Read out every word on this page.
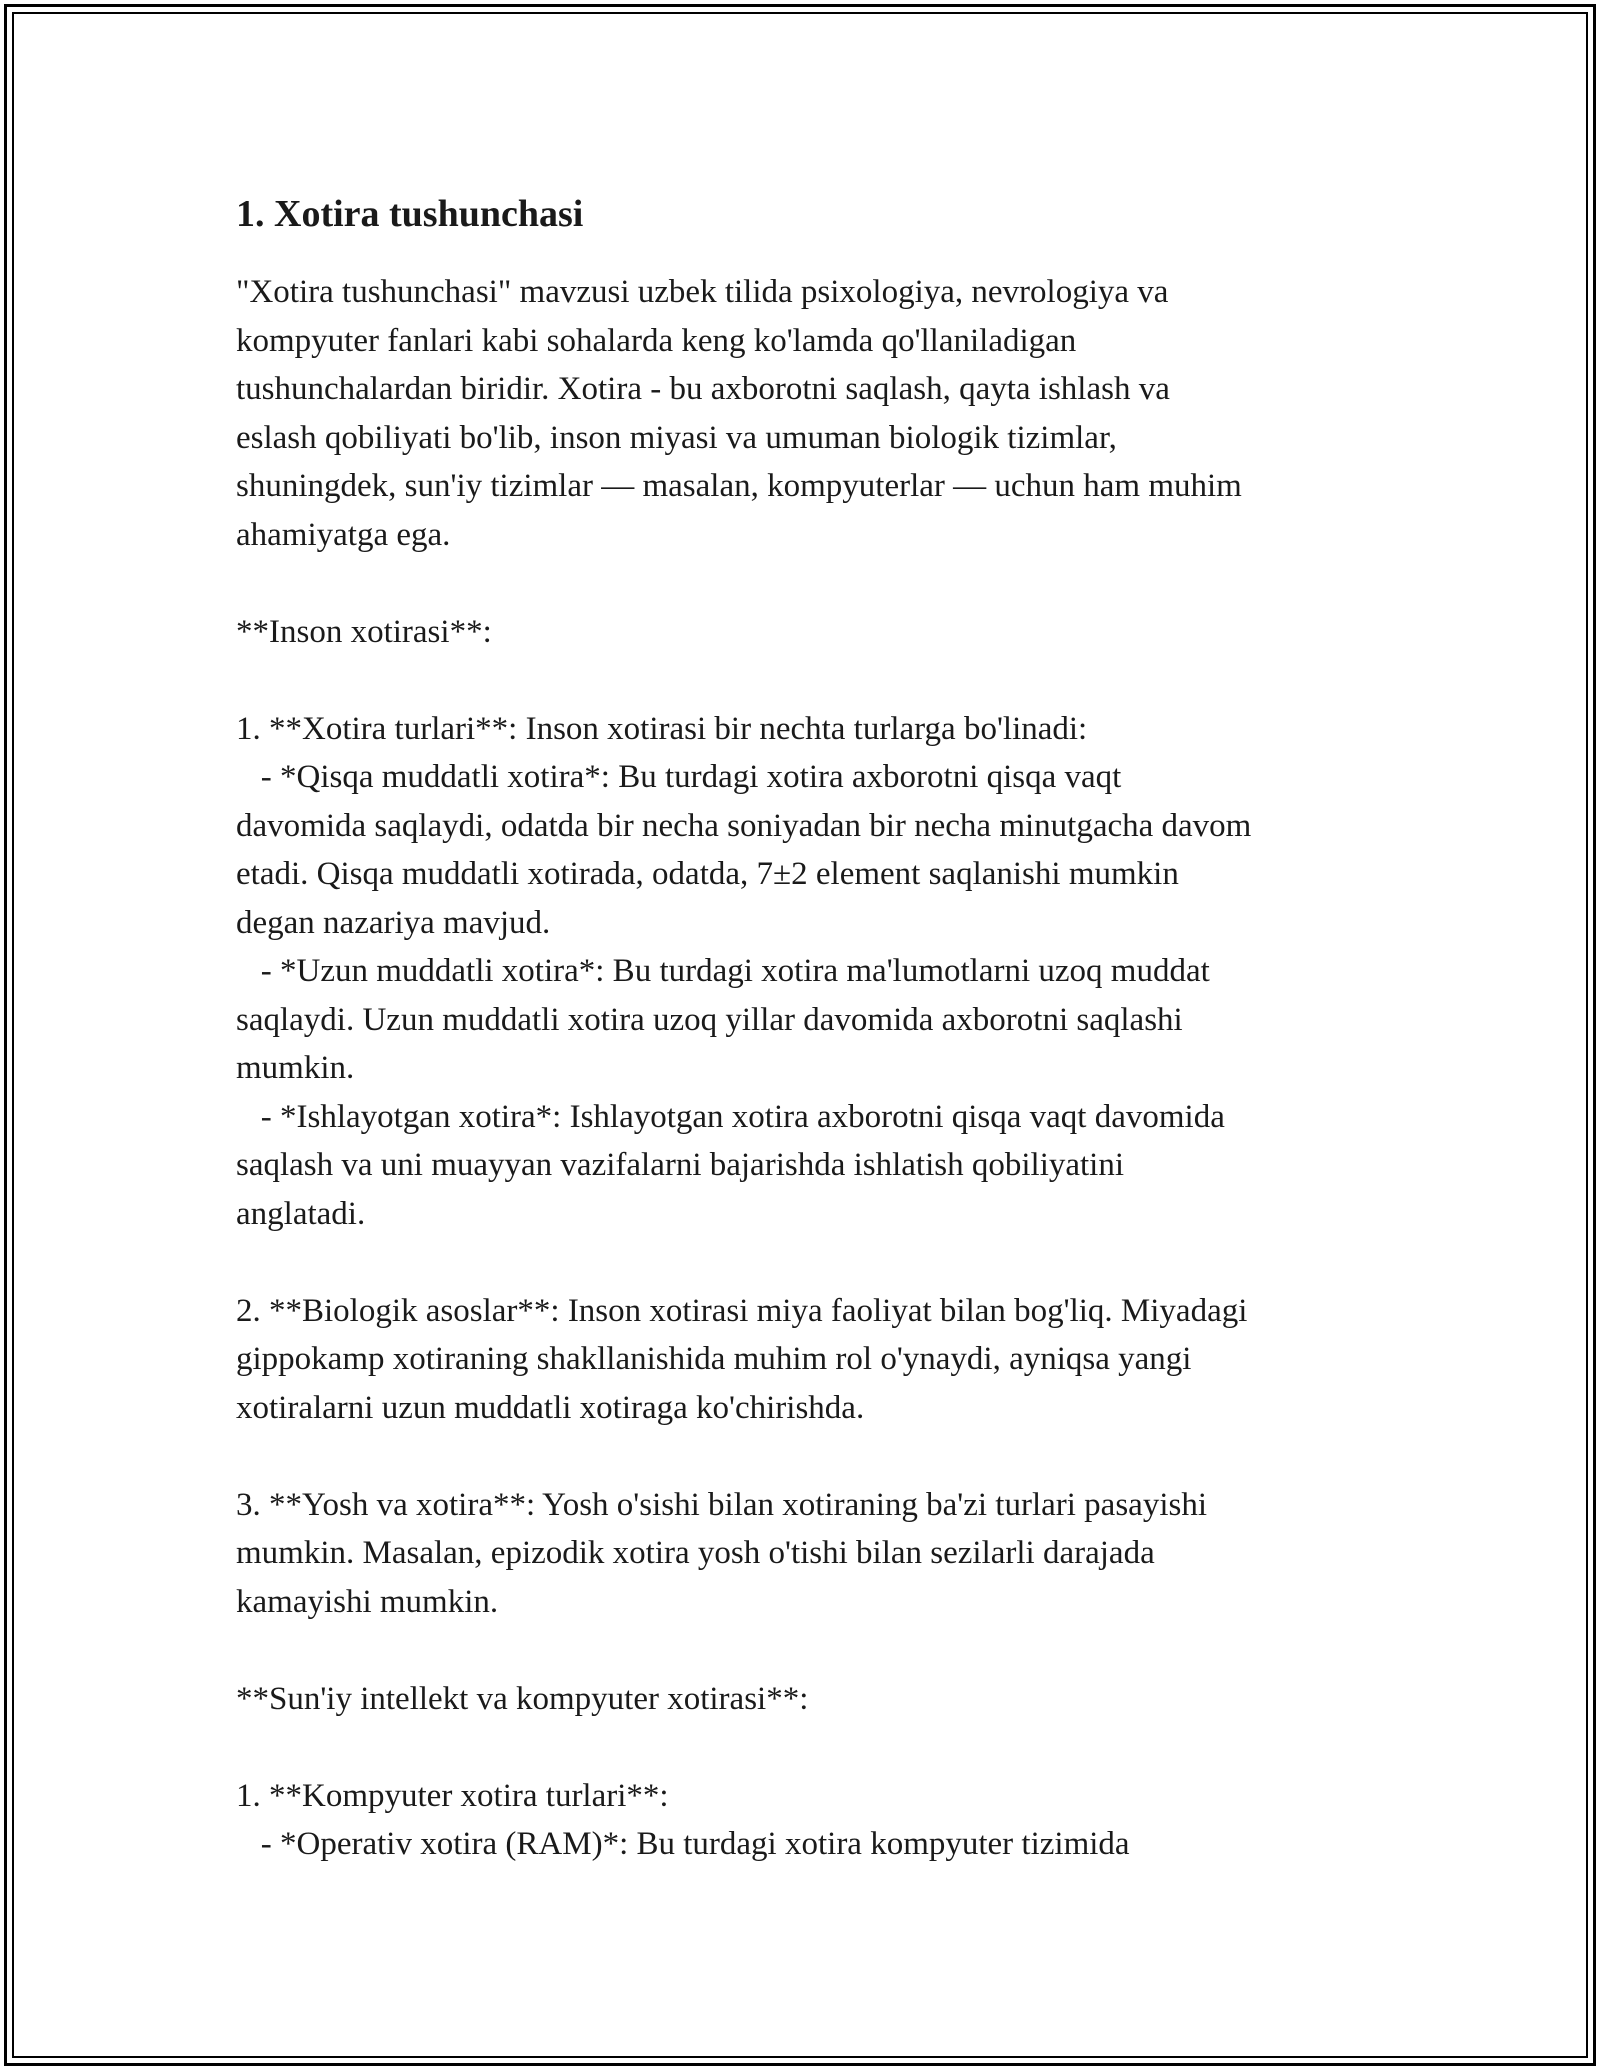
1. Xotira tushunchasi

"Xotira tushunchasi" mavzusi uzbek tilida psixologiya, nevrologiya va
kompyuter fanlari kabi sohalarda keng ko'lamda qo'llaniladigan
tushunchalardan biridir. Xotira - bu axborotni saqlash, qayta ishlash va
eslash qobiliyati bo'lib, inson miyasi va umuman biologik tizimlar,
shuningdek, sun'iy tizimlar — masalan, kompyuterlar — uchun ham muhim
ahamiyatga ega.

**Inson xotirasi**:

1. **Xotira turlari**: Inson xotirasi bir nechta turlarga bo'linadi:
- *Qisqa muddatli xotira*: Bu turdagi xotira axborotni qisqa vaqt
davomida saqlaydi, odatda bir necha soniyadan bir necha minutgacha davom
etadi. Qisqa muddatli xotirada, odatda, 7±2 element saqlanishi mumkin
degan nazariya mavjud.
- *Uzun muddatli xotira*: Bu turdagi xotira ma'lumotlarni uzoq muddat
saqlaydi. Uzun muddatli xotira uzoq yillar davomida axborotni saqlashi
mumkin.
- *Ishlayotgan xotira*: Ishlayotgan xotira axborotni qisqa vaqt davomida
saqlash va uni muayyan vazifalarni bajarishda ishlatish qobiliyatini
anglatadi.

2. **Biologik asoslar**: Inson xotirasi miya faoliyat bilan bog'liq. Miyadagi
gippokamp xotiraning shakllanishida muhim rol o'ynaydi, ayniqsa yangi
xotiralarni uzun muddatli xotiraga ko'chirishda.

3. **Yosh va xotira**: Yosh o'sishi bilan xotiraning ba'zi turlari pasayishi
mumkin. Masalan, epizodik xotira yosh o'tishi bilan sezilarli darajada
kamayishi mumkin.

**Sun'iy intellekt va kompyuter xotirasi**:

1. **Kompyuter xotira turlari**:
- *Operativ xotira (RAM)*: Bu turdagi xotira kompyuter tizimida
